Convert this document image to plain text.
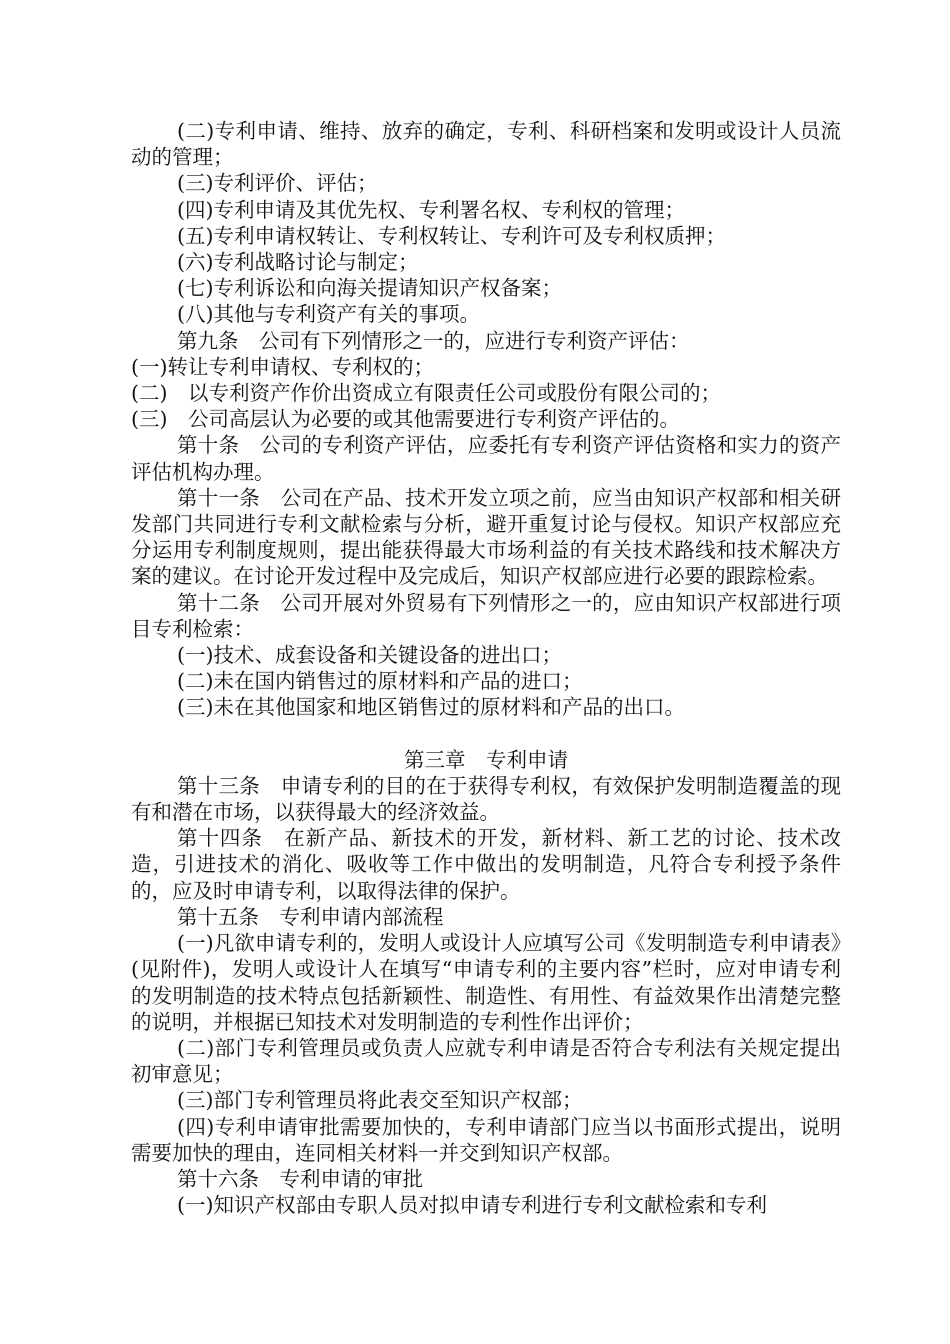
(二)专利申请、维持、放弃的确定，专利、科研档案和发明或设计人员流动的管理；

(三)专利评价、评估；

(四)专利申请及其优先权、专利署名权、专利权的管理；

(五)专利申请权转让、专利权转让、专利许可及专利权质押；

(六)专利战略讨论与制定；

(七)专利诉讼和向海关提请知识产权备案；

(八)其他与专利资产有关的事项。

第九条　公司有下列情形之一的，应进行专利资产评估：

(一)转让专利申请权、专利权的；

(二)　以专利资产作价出资成立有限责任公司或股份有限公司的；

(三)　公司高层认为必要的或其他需要进行专利资产评估的。

第十条　公司的专利资产评估，应委托有专利资产评估资格和实力的资产评估机构办理。

第十一条　公司在产品、技术开发立项之前，应当由知识产权部和相关研发部门共同进行专利文献检索与分析，避开重复讨论与侵权。知识产权部应充分运用专利制度规则，提出能获得最大市场利益的有关技术路线和技术解决方案的建议。在讨论开发过程中及完成后，知识产权部应进行必要的跟踪检索。

第十二条　公司开展对外贸易有下列情形之一的，应由知识产权部进行项目专利检索：

(一)技术、成套设备和关键设备的进出口；

(二)未在国内销售过的原材料和产品的进口；

(三)未在其他国家和地区销售过的原材料和产品的出口。

第三章　专利申请

第十三条　申请专利的目的在于获得专利权，有效保护发明制造覆盖的现有和潜在市场，以获得最大的经济效益。

第十四条　在新产品、新技术的开发，新材料、新工艺的讨论、技术改造，引进技术的消化、吸收等工作中做出的发明制造，凡符合专利授予条件的，应及时申请专利，以取得法律的保护。

第十五条　专利申请内部流程

(一)凡欲申请专利的，发明人或设计人应填写公司《发明制造专利申请表》(见附件)，发明人或设计人在填写“申请专利的主要内容”栏时，应对申请专利的发明制造的技术特点包括新颖性、制造性、有用性、有益效果作出清楚完整的说明，并根据已知技术对发明制造的专利性作出评价；

(二)部门专利管理员或负责人应就专利申请是否符合专利法有关规定提出初审意见；

(三)部门专利管理员将此表交至知识产权部；

(四)专利申请审批需要加快的，专利申请部门应当以书面形式提出，说明需要加快的理由，连同相关材料一并交到知识产权部。

第十六条　专利申请的审批

(一)知识产权部由专职人员对拟申请专利进行专利文献检索和专利
